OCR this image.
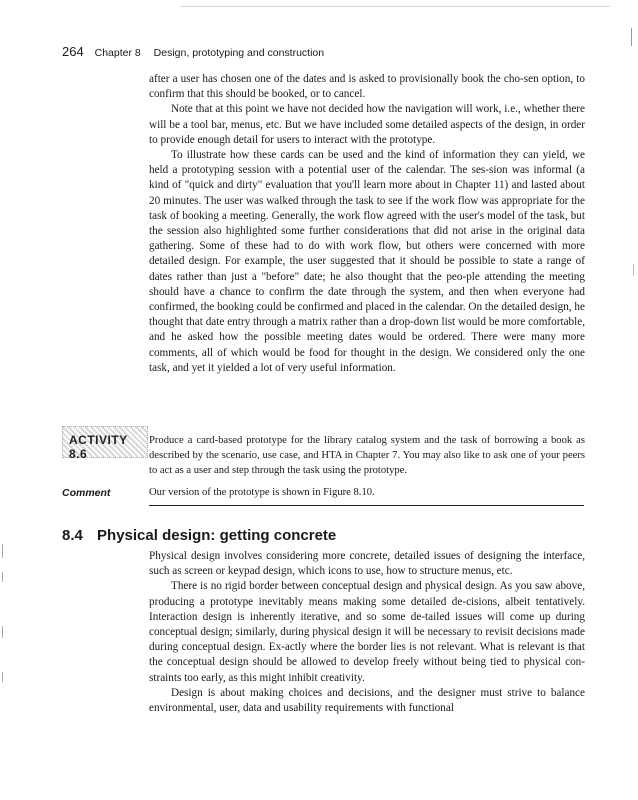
264 Chapter 8 Design, prototyping and construction

after a user has chosen one of the dates and is asked to provisionally book the cho-sen option, to confirm that this should be booked, or to cancel.

Note that at this point we have not decided how the navigation will work, i.e., whether there will be a tool bar, menus, etc. But we have included some detailed aspects of the design, in order to provide enough detail for users to interact with the prototype.

To illustrate how these cards can be used and the kind of information they can yield, we held a prototyping session with a potential user of the calendar. The ses-sion was informal (a kind of "quick and dirty" evaluation that you'll learn more about in Chapter 11) and lasted about 20 minutes. The user was walked through the task to see if the work flow was appropriate for the task of booking a meeting. Generally, the work flow agreed with the user's model of the task, but the session also highlighted some further considerations that did not arise in the original data gathering. Some of these had to do with work flow, but others were concerned with more detailed design. For example, the user suggested that it should be possible to state a range of dates rather than just a "before" date; he also thought that the peo-ple attending the meeting should have a chance to confirm the date through the system, and then when everyone had confirmed, the booking could be confirmed and placed in the calendar. On the detailed design, he thought that date entry through a matrix rather than a drop-down list would be more comfortable, and he asked how the possible meeting dates would be ordered. There were many more comments, all of which would be food for thought in the design. We considered only the one task, and yet it yielded a lot of very useful information.

ACTIVITY 8.6
Produce a card-based prototype for the library catalog system and the task of borrowing a book as described by the scenario, use case, and HTA in Chapter 7. You may also like to ask one of your peers to act as a user and step through the task using the prototype.
Comment	Our version of the prototype is shown in Figure 8.10.
8.4 Physical design: getting concrete

Physical design involves considering more concrete, detailed issues of designing the interface, such as screen or keypad design, which icons to use, how to structure menus, etc.

There is no rigid border between conceptual design and physical design. As you saw above, producing a prototype inevitably means making some detailed de-cisions, albeit tentatively. Interaction design is inherently iterative, and so some de-tailed issues will come up during conceptual design; similarly, during physical design it will be necessary to revisit decisions made during conceptual design. Ex-actly where the border lies is not relevant. What is relevant is that the conceptual design should be allowed to develop freely without being tied to physical con-straints too early, as this might inhibit creativity.

Design is about making choices and decisions, and the designer must strive to balance environmental, user, data and usability requirements with functional
